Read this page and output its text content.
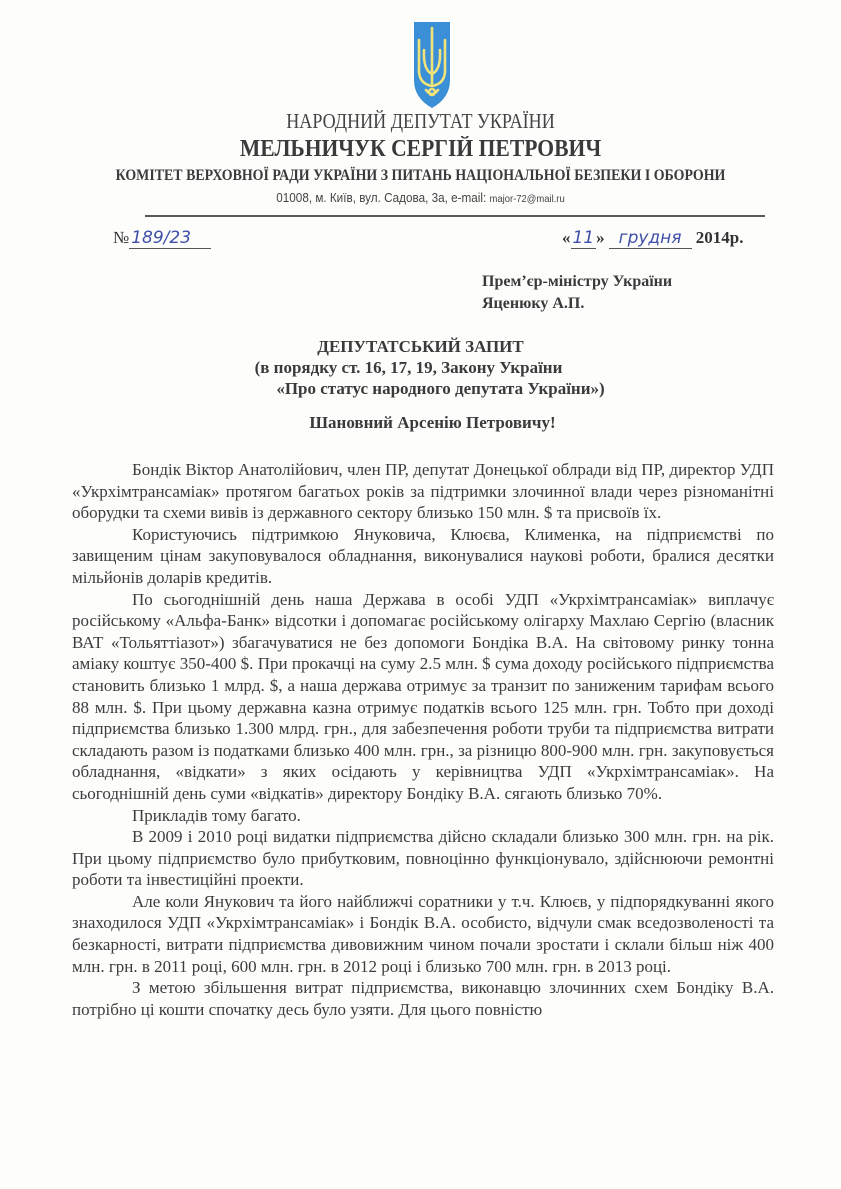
НАРОДНИЙ ДЕПУТАТ УКРАЇНИ
МЕЛЬНИЧУК СЕРГІЙ ПЕТРОВИЧ
КОМІТЕТ ВЕРХОВНОЇ РАДИ УКРАЇНИ З ПИТАНЬ НАЦІОНАЛЬНОЇ БЕЗПЕКИ І ОБОРОНИ
01008, м. Київ, вул. Садова, 3а, e-mail: major-72@mail.ru
№ 189/23	« 11 » грудня 2014р.
Прем’єр-міністру України
Яценюку А.П.
ДЕПУТАТСЬКИЙ ЗАПИТ
(в порядку ст. 16, 17, 19, Закону України
«Про статус народного депутата України»)
Шановний Арсенію Петровичу!

Бондік Віктор Анатолійович, член ПР, депутат Донецької облради від ПР, директор УДП «Укрхімтрансаміак» протягом багатьох років за підтримки злочинної влади через різноманітні оборудки та схеми вивів із державного сектору близько 150 млн. $ та присвоїв їх.

Користуючись підтримкою Януковича, Клюєва, Клименка, на підприємстві по завищеним цінам закуповувалося обладнання, виконувалися наукові роботи, бралися десятки мільйонів доларів кредитів.

По сьогоднішній день наша Держава в особі УДП «Укрхімтрансаміак» виплачує російському «Альфа-Банк» відсотки і допомагає російському олігарху Махлаю Сергію (власник ВАТ «Тольяттіазот») збагачуватися не без допомоги Бондіка В.А. На світовому ринку тонна аміаку коштує 350-400 $. При прокачці на суму 2.5 млн. $ сума доходу російського підприємства становить близько 1 млрд. $, а наша держава отримує за транзит по заниженим тарифам всього 88 млн. $. При цьому державна казна отримує податків всього 125 млн. грн. Тобто при доході підприємства близько 1.300 млрд. грн., для забезпечення роботи труби та підприємства витрати складають разом із податками близько 400 млн. грн., за різницю 800-900 млн. грн. закуповується обладнання, «відкати» з яких осідають у керівництва УДП «Укрхімтрансаміак». На сьогоднішній день суми «відкатів» директору Бондіку В.А. сягають близько 70%.

Прикладів тому багато.

В 2009 і 2010 році видатки підприємства дійсно складали близько 300 млн. грн. на рік. При цьому підприємство було прибутковим, повноцінно функціонувало, здійснюючи ремонтні роботи та інвестиційні проекти.

Але коли Янукович та його найближчі соратники у т.ч. Клюєв, у підпорядкуванні якого знаходилося УДП «Укрхімтрансаміак» і Бондік В.А. особисто, відчули смак вседозволеності та безкарності, витрати підприємства дивовижним чином почали зростати і склали більш ніж 400 млн. грн. в 2011 році, 600 млн. грн. в 2012 році і близько 700 млн. грн. в 2013 році.

З метою збільшення витрат підприємства, виконавцю злочинних схем Бондіку В.А. потрібно ці кошти спочатку десь було узяти. Для цього повністю
